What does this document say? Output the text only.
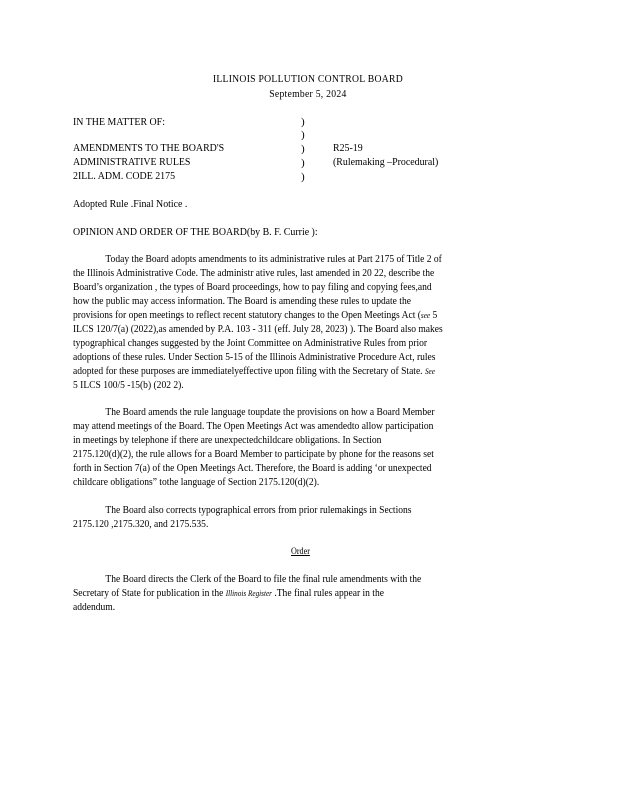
ILLINOIS POLLUTION CONTROL BOARD
September 5, 2024
IN THE MATTER OF:
AMENDMENTS TO THE BOARD'S
ADMINISTRATIVE RULES
2ILL. ADM. CODE 2175
)
)
)
)
)
R25-19
(Rulemaking –Procedural)
Adopted Rule .Final Notice .
OPINION AND ORDER OF THE BOARD(by B. F. Currie ):
Today the Board adopts amendments to its administrative rules at Part 2175 of Title 2 of
the Illinois Administrative Code. The administr ative rules, last amended in 20 22, describe the
Board’s organization , the types of Board proceedings, how to pay filing and copying fees,and
how the public may access information. The Board is amending these rules to update the
provisions for open meetings to reflect recent statutory changes to the Open Meetings Act (see 5
ILCS 120/7(a) (2022),as amended by P.A. 103 - 311 (eff. July 28, 2023) ). The Board also makes
typographical changes suggested by the Joint Committee on Administrative Rules from prior
adoptions of these rules. Under Section 5-15 of the Illinois Administrative Procedure Act, rules
adopted for these purposes are immediatelyeffective upon filing with the Secretary of State. See
5 ILCS 100/5 -15(b) (202 2).
The Board amends the rule language toupdate the provisions on how a Board Member
may attend meetings of the Board. The Open Meetings Act was amendedto allow participation
in meetings by telephone if there are unexpectedchildcare obligations. In Section
2175.120(d)(2), the rule allows for a Board Member to participate by phone for the reasons set
forth in Section 7(a) of the Open Meetings Act. Therefore, the Board is adding ‘or unexpected
childcare obligations” tothe language of Section 2175.120(d)(2).
The Board also corrects typographical errors from prior rulemakings in Sections
2175.120 ,2175.320, and 2175.535.
Order
The Board directs the Clerk of the Board to file the final rule amendments with the
Secretary of State for publication in the Illinois Register .The final rules appear in the
addendum.
